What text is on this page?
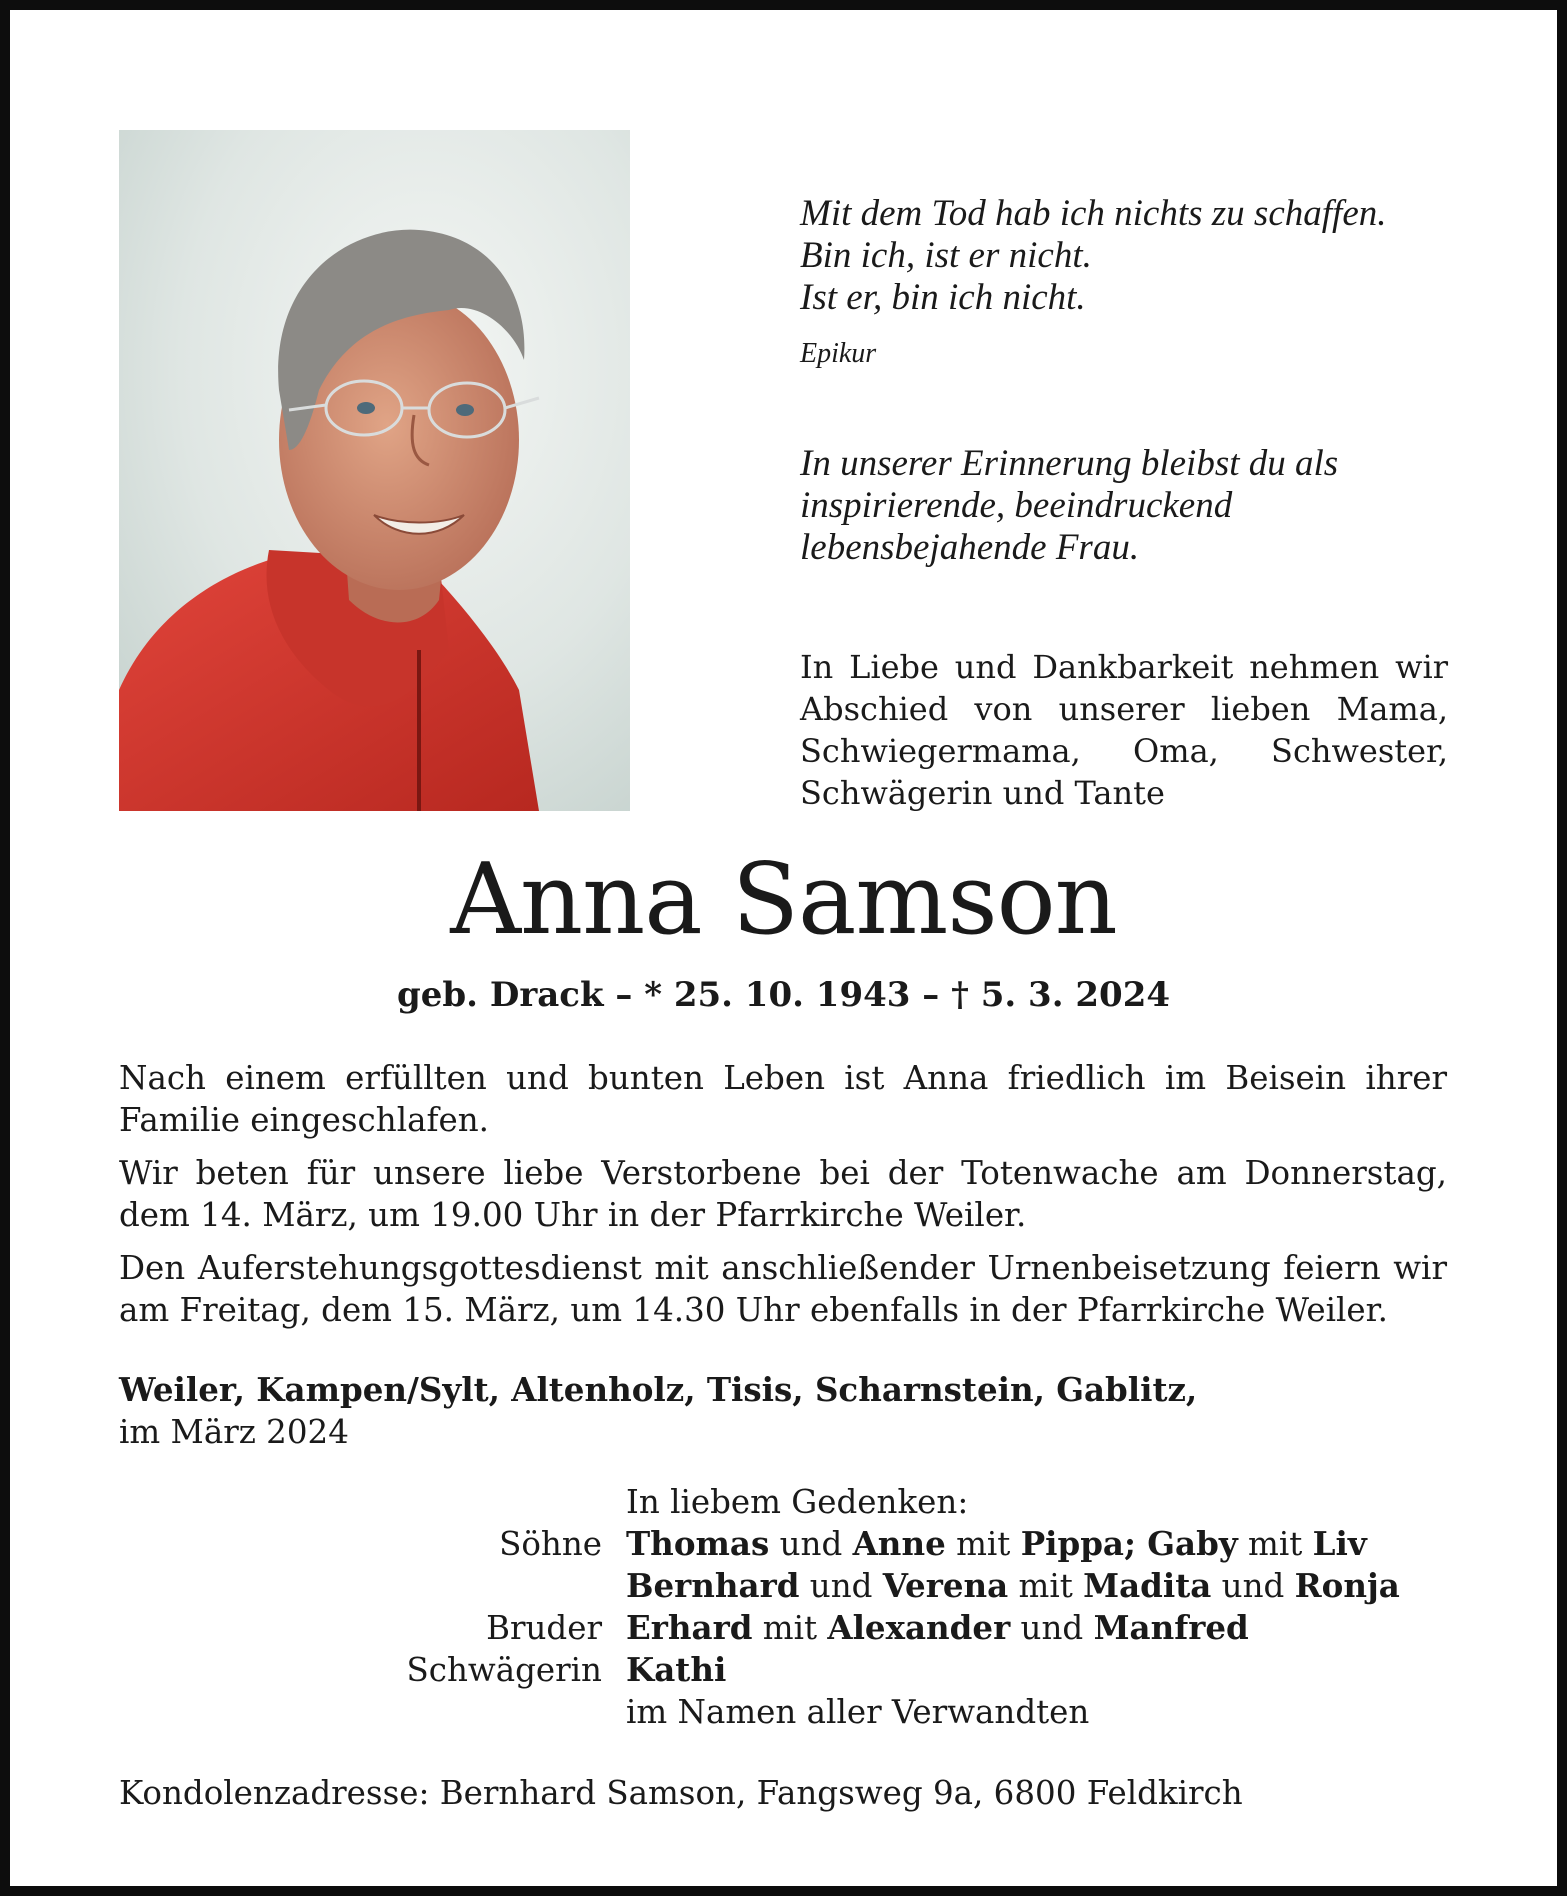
Mit dem Tod hab ich nichts zu schaffen.
Bin ich, ist er nicht.
Ist er, bin ich nicht.
Epikur
In unserer Erinnerung bleibst du als
inspirierende, beeindruckend
lebensbejahende Frau.
In Liebe und Dankbarkeit nehmen wir Abschied von unserer lieben Mama, Schwiegermama, Oma, Schwester, Schwägerin und Tante
Anna Samson
geb. Drack – * 25. 10. 1943 – † 5. 3. 2024

Nach einem erfüllten und bunten Leben ist Anna friedlich im Beisein ihrer Familie eingeschlafen.

Wir beten für unsere liebe Verstorbene bei der Totenwache am Donnerstag, dem 14. März, um 19.00 Uhr in der Pfarrkirche Weiler.

Den Auferstehungsgottesdienst mit anschließender Urnenbeisetzung feiern wir am Freitag, dem 15. März, um 14.30 Uhr ebenfalls in der Pfarrkirche Weiler.

Weiler, Kampen/Sylt, Altenholz, Tisis, Scharnstein, Gablitz,
im März 2024
In liebem Gedenken:
Söhne Thomas und Anne mit Pippa; Gaby mit Liv
Bernhard und Verena mit Madita und Ronja
Bruder Erhard mit Alexander und Manfred
Schwägerin Kathi
im Namen aller Verwandten
Kondolenzadresse: Bernhard Samson, Fangsweg 9a, 6800 Feldkirch
